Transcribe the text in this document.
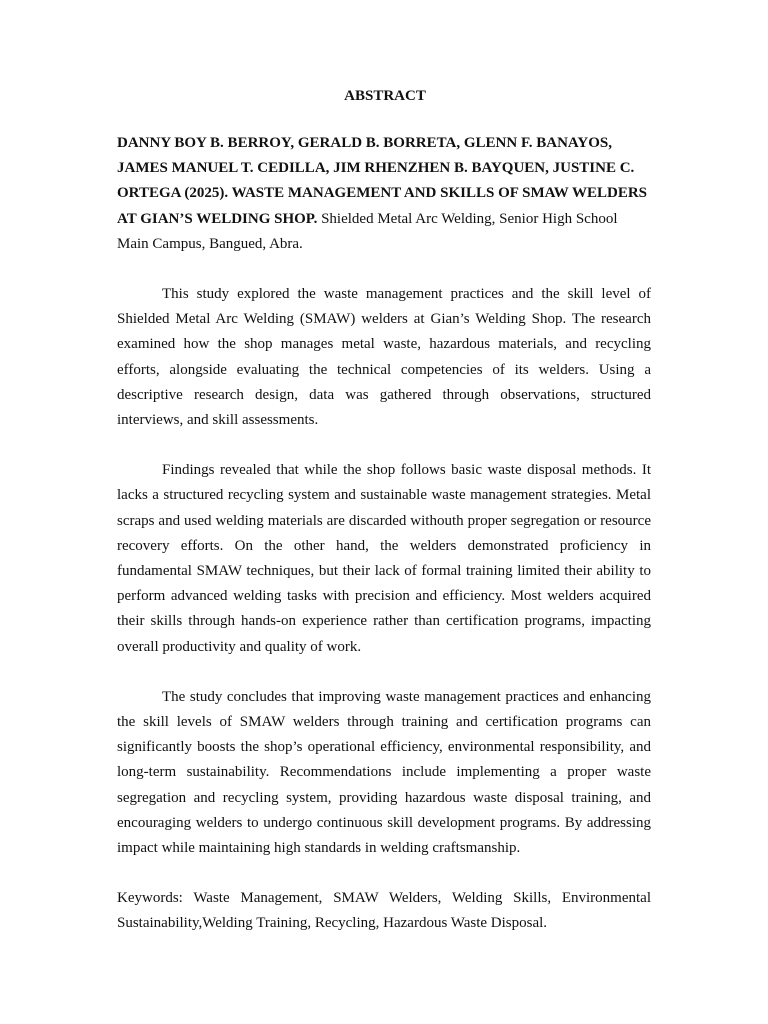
ABSTRACT

DANNY BOY B. BERROY, GERALD B. BORRETA, GLENN F. BANAYOS, JAMES MANUEL T. CEDILLA, JIM RHENZHEN B. BAYQUEN, JUSTINE C. ORTEGA (2025). WASTE MANAGEMENT AND SKILLS OF SMAW WELDERS AT GIAN’S WELDING SHOP. Shielded Metal Arc Welding, Senior High School Main Campus, Bangued, Abra.

This study explored the waste management practices and the skill level of Shielded Metal Arc Welding (SMAW) welders at Gian’s Welding Shop. The research examined how the shop manages metal waste, hazardous materials, and recycling efforts, alongside evaluating the technical competencies of its welders. Using a descriptive research design, data was gathered through observations, structured interviews, and skill assessments.

Findings revealed that while the shop follows basic waste disposal methods. It lacks a structured recycling system and sustainable waste management strategies. Metal scraps and used welding materials are discarded withouth proper segregation or resource recovery efforts. On the other hand, the welders demonstrated proficiency in fundamental SMAW techniques, but their lack of formal training limited their ability to perform advanced welding tasks with precision and efficiency. Most welders acquired their skills through hands-on experience rather than certification programs, impacting overall productivity and quality of work.

The study concludes that improving waste management practices and enhancing the skill levels of SMAW welders through training and certification programs can significantly boosts the shop’s operational efficiency, environmental responsibility, and long-term sustainability. Recommendations include implementing a proper waste segregation and recycling system, providing hazardous waste disposal training, and encouraging welders to undergo continuous skill development programs. By addressing impact while maintaining high standards in welding craftsmanship.

Keywords: Waste Management, SMAW Welders, Welding Skills, Environmental Sustainability,Welding Training, Recycling, Hazardous Waste Disposal.
